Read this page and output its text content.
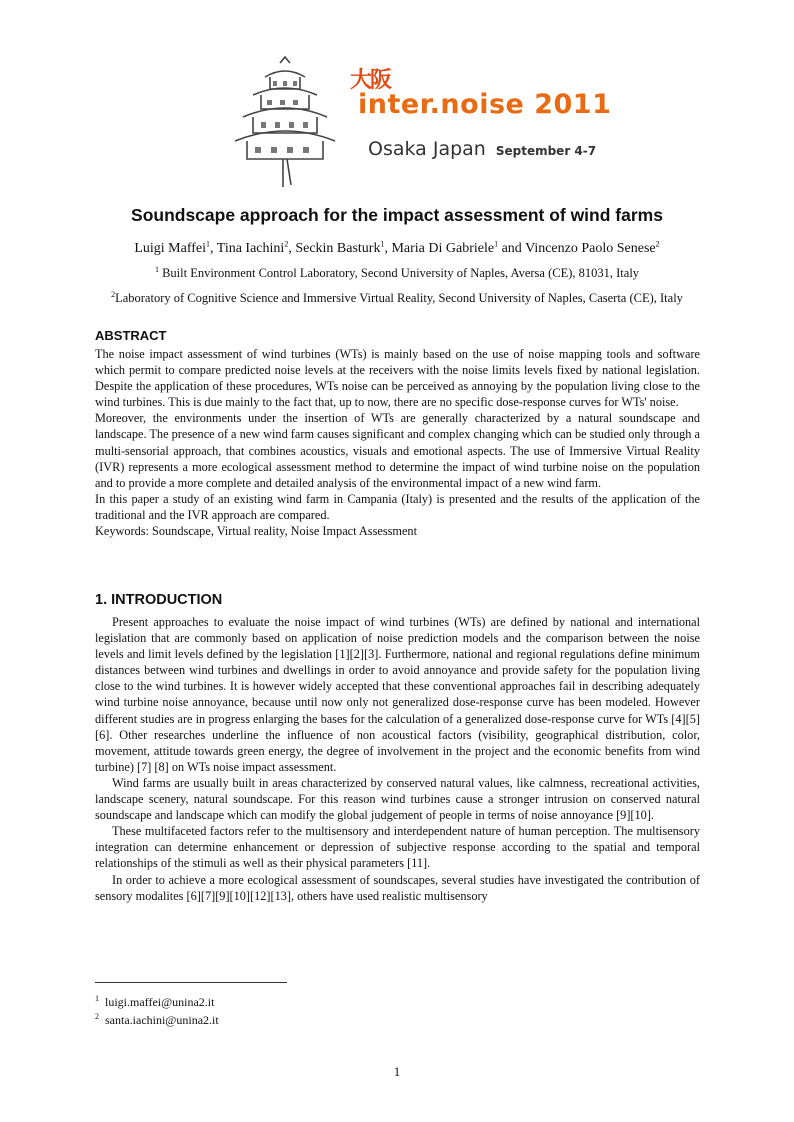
大阪
inter.noise 2011
Osaka Japan September 4-7
Soundscape approach for the impact assessment of wind farms
Luigi Maffei$^1$, Tina Iachini$^2$, Seckin Basturk$^1$, Maria Di Gabriele$^1$ and Vincenzo Paolo Senese$^2$
$^1$ Built Environment Control Laboratory, Second University of Naples, Aversa (CE), 81031, Italy
$^2$Laboratory of Cognitive Science and Immersive Virtual Reality, Second University of Naples, Caserta (CE), Italy
ABSTRACT

The noise impact assessment of wind turbines (WTs) is mainly based on the use of noise mapping tools and software which permit to compare predicted noise levels at the receivers with the noise limits levels fixed by national legislation. Despite the application of these procedures, WTs noise can be perceived as annoying by the population living close to the wind turbines. This is due mainly to the fact that, up to now, there are no specific dose-response curves for WTs' noise.

Moreover, the environments under the insertion of WTs are generally characterized by a natural soundscape and landscape. The presence of a new wind farm causes significant and complex changing which can be studied only through a multi-sensorial approach, that combines acoustics, visuals and emotional aspects. The use of Immersive Virtual Reality (IVR) represents a more ecological assessment method to determine the impact of wind turbine noise on the population and to provide a more complete and detailed analysis of the environmental impact of a new wind farm.

In this paper a study of an existing wind farm in Campania (Italy) is presented and the results of the application of the traditional and the IVR approach are compared.

Keywords: Soundscape, Virtual reality, Noise Impact Assessment

1. INTRODUCTION

Present approaches to evaluate the noise impact of wind turbines (WTs) are defined by national and international legislation that are commonly based on application of noise prediction models and the comparison between the noise levels and limit levels defined by the legislation [1][2][3]. Furthermore, national and regional regulations define minimum distances between wind turbines and dwellings in order to avoid annoyance and provide safety for the population living close to the wind turbines. It is however widely accepted that these conventional approaches fail in describing adequately wind turbine noise annoyance, because until now only not generalized dose-response curve has been modeled. However different studies are in progress enlarging the bases for the calculation of a generalized dose-response curve for WTs [4][5][6]. Other researches underline the influence of non acoustical factors (visibility, geographical distribution, color, movement, attitude towards green energy, the degree of involvement in the project and the economic benefits from wind turbine) [7] [8] on WTs noise impact assessment.

Wind farms are usually built in areas characterized by conserved natural values, like calmness, recreational activities, landscape scenery, natural soundscape. For this reason wind turbines cause a stronger intrusion on conserved natural soundscape and landscape which can modify the global judgement of people in terms of noise annoyance [9][10].

These multifaceted factors refer to the multisensory and interdependent nature of human perception. The multisensory integration can determine enhancement or depression of subjective response according to the spatial and temporal relationships of the stimuli as well as their physical parameters [11].

In order to achieve a more ecological assessment of soundscapes, several studies have investigated the contribution of sensory modalites [6][7][9][10][12][13], others have used realistic multisensory

$^1$ luigi.maffei@unina2.it
$^2$ santa.iachini@unina2.it
1
